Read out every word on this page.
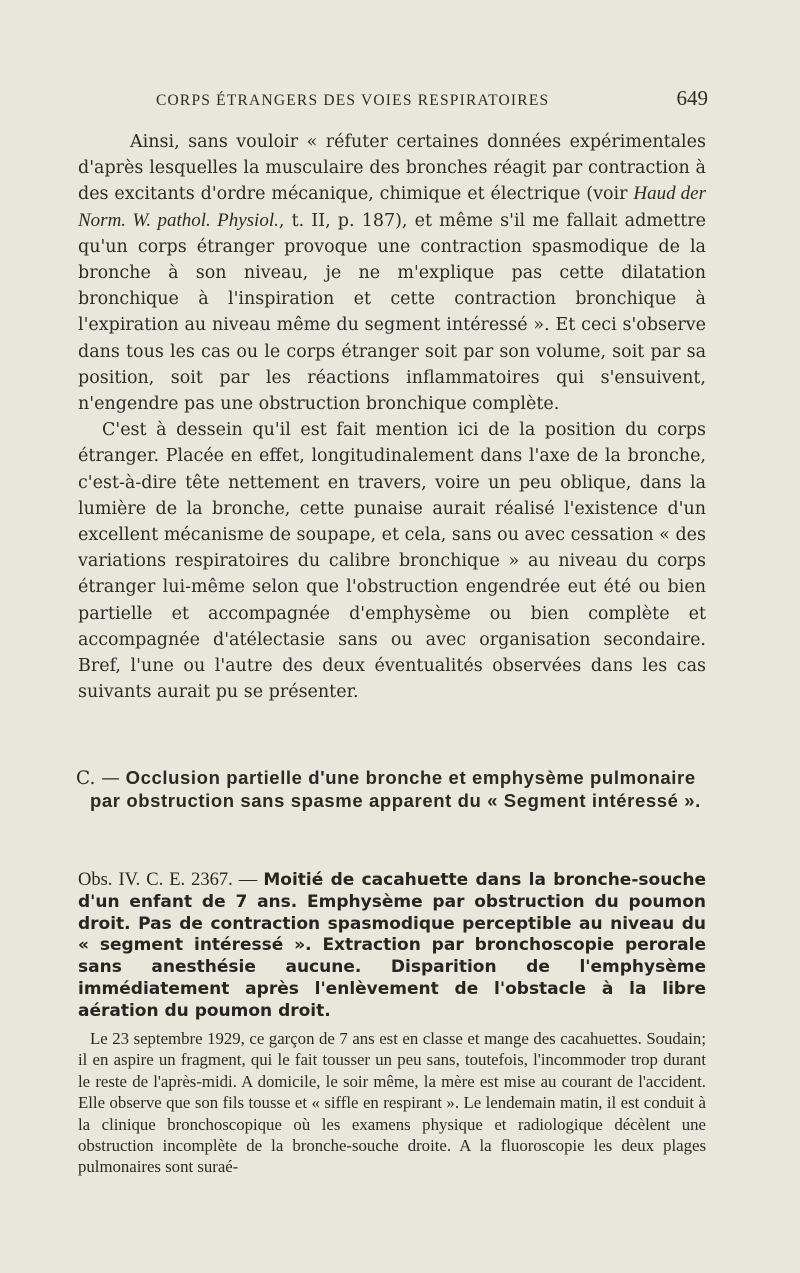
CORPS ÉTRANGERS DES VOIES RESPIRATOIRES	649

Ainsi, sans vouloir « réfuter certaines données expérimentales d'après lesquelles la musculaire des bronches réagit par contraction à des excitants d'ordre mécanique, chimique et électrique (voir Haud der Norm. W. pathol. Physiol., t. II, p. 187), et même s'il me fallait admettre qu'un corps étranger provoque une contraction spasmodique de la bronche à son niveau, je ne m'explique pas cette dilatation bronchique à l'inspiration et cette contraction bronchique à l'expiration au niveau même du segment intéressé ». Et ceci s'observe dans tous les cas ou le corps étranger soit par son volume, soit par sa position, soit par les réactions inflammatoires qui s'ensuivent, n'engendre pas une obstruction bronchique complète.

C'est à dessein qu'il est fait mention ici de la position du corps étranger. Placée en effet, longitudinalement dans l'axe de la bronche, c'est-à-dire tête nettement en travers, voire un peu oblique, dans la lumière de la bronche, cette punaise aurait réalisé l'existence d'un excellent mécanisme de soupape, et cela, sans ou avec cessation « des variations respiratoires du calibre bronchique » au niveau du corps étranger lui-même selon que l'obstruction engendrée eut été ou bien partielle et accompagnée d'emphysème ou bien complète et accompagnée d'atélectasie sans ou avec organisation secondaire. Bref, l'une ou l'autre des deux éventualités observées dans les cas suivants aurait pu se présenter.

C. — Occlusion partielle d'une bronche et emphysème pulmonaire par obstruction sans spasme apparent du « Segment intéressé ».
Obs. IV. C. E. 2367. — Moitié de cacahuette dans la bronche-souche d'un enfant de 7 ans. Emphysème par obstruction du poumon droit. Pas de contraction spasmodique perceptible au niveau du « segment intéressé ». Extraction par bronchoscopie perorale sans anesthésie aucune. Disparition de l'emphysème immédiatement après l'enlèvement de l'obstacle à la libre aération du poumon droit.

Le 23 septembre 1929, ce garçon de 7 ans est en classe et mange des cacahuettes. Soudain; il en aspire un fragment, qui le fait tousser un peu sans, toutefois, l'incommoder trop durant le reste de l'après-midi. A domicile, le soir même, la mère est mise au courant de l'accident. Elle observe que son fils tousse et « siffle en respirant ». Le lendemain matin, il est conduit à la clinique bronchoscopique où les examens physique et radiologique décèlent une obstruction incomplète de la bronche-souche droite. A la fluoroscopie les deux plages pulmonaires sont suraé-
